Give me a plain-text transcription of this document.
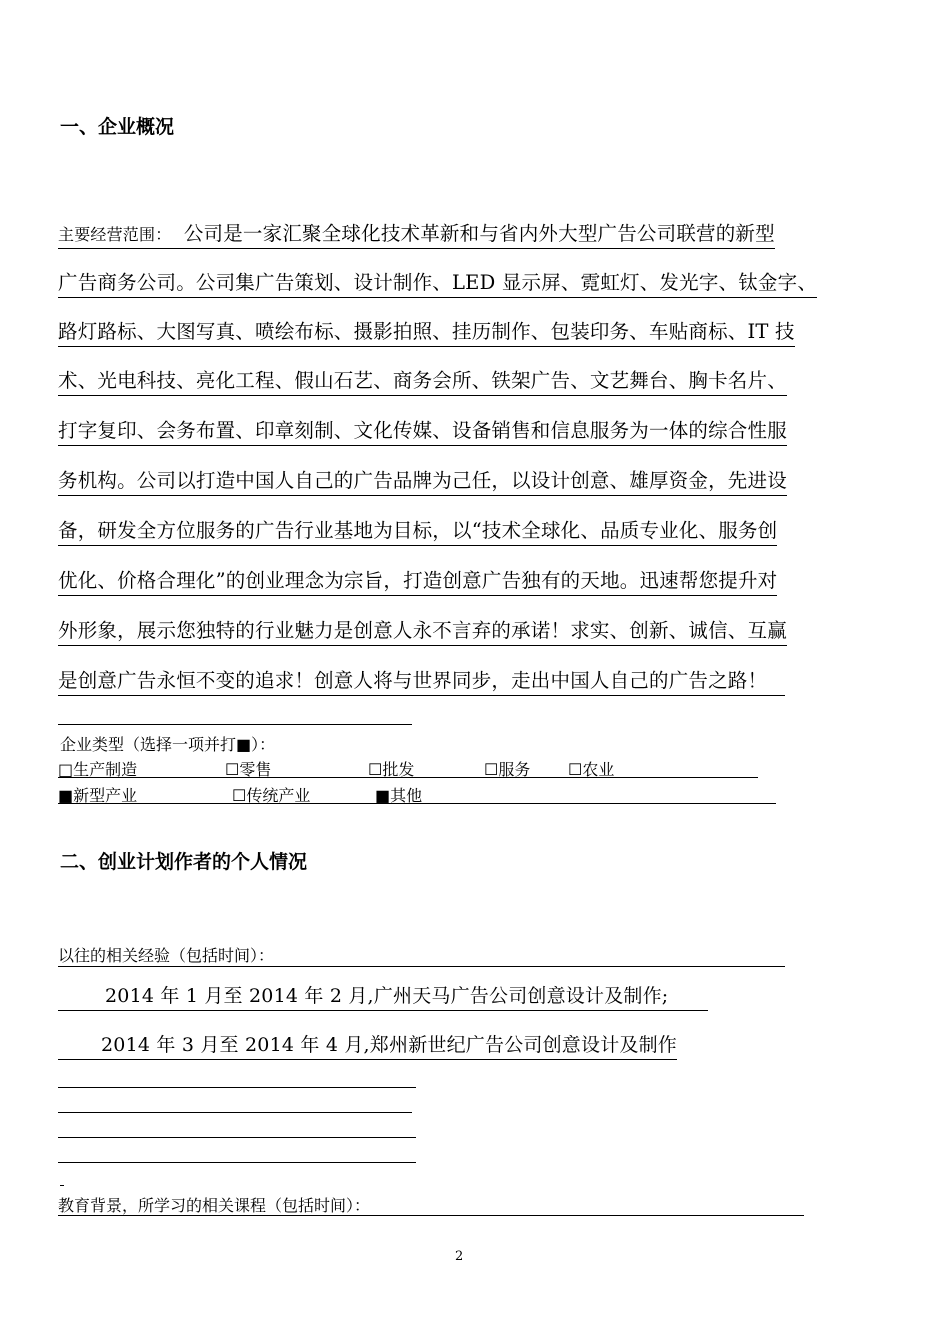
一、企业概况
主要经营范围： 公司是一家汇聚全球化技术革新和与省内外大型广告公司联营的新型
广告商务公司。公司集广告策划、设计制作、LED 显示屏、霓虹灯、发光字、钛金字、
路灯路标、大图写真、喷绘布标、摄影拍照、挂历制作、包装印务、车贴商标、IT 技
术、光电科技、亮化工程、假山石艺、商务会所、铁架广告、文艺舞台、胸卡名片、
打字复印、会务布置、印章刻制、文化传媒、设备销售和信息服务为一体的综合性服
务机构。公司以打造中国人自己的广告品牌为己任，以设计创意、雄厚资金，先进设
备，研发全方位服务的广告行业基地为目标，以“技术全球化、品质专业化、服务创
优化、价格合理化”的创业理念为宗旨，打造创意广告独有的天地。迅速帮您提升对
外形象，展示您独特的行业魅力是创意人永不言弃的承诺！求实、创新、诚信、互赢
是创意广告永恒不变的追求！创意人将与世界同步，走出中国人自己的广告之路！
企业类型（选择一项并打■）：
□生产制造	☐零售	☐批发	☐服务 ☐农业
■新型产业	☐传统产业	■其他
二、创业计划作者的个人情况
以往的相关经验（包括时间）：
2014 年 1 月至 2014 年 2 月,广州天马广告公司创意设计及制作;
2014 年 3 月至 2014 年 4 月,郑州新世纪广告公司创意设计及制作
教育背景，所学习的相关课程（包括时间）：
2
